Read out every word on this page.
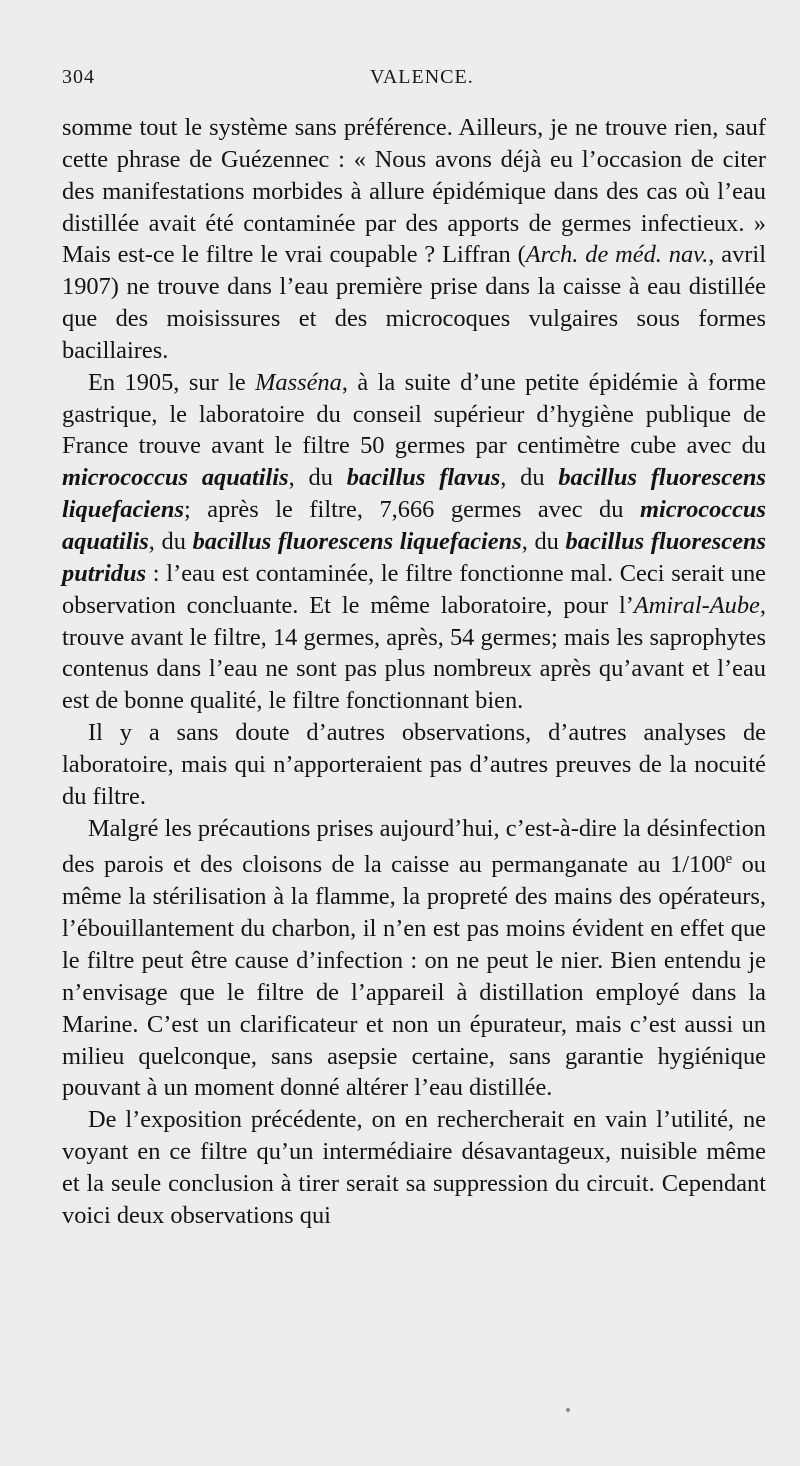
304	VALENCE.

somme tout le système sans préférence. Ailleurs, je ne trouve rien, sauf cette phrase de Guézennec : « Nous avons déjà eu l’occasion de citer des manifestations morbides à allure épidémique dans des cas où l’eau distillée avait été contaminée par des apports de germes infectieux. » Mais est-ce le filtre le vrai coupable ? Liffran (Arch. de méd. nav., avril 1907) ne trouve dans l’eau première prise dans la caisse à eau distillée que des moisissures et des microcoques vulgaires sous formes bacillaires.

En 1905, sur le Masséna, à la suite d’une petite épidémie à forme gastrique, le laboratoire du conseil supérieur d’hygiène publique de France trouve avant le filtre 50 germes par centimètre cube avec du micrococcus aquatilis, du bacillus flavus, du bacillus fluorescens liquefaciens; après le filtre, 7,666 germes avec du micrococcus aquatilis, du bacillus fluorescens liquefaciens, du bacillus fluorescens putridus : l’eau est contaminée, le filtre fonctionne mal. Ceci serait une observation concluante. Et le même laboratoire, pour l’Amiral-Aube, trouve avant le filtre, 14 germes, après, 54 germes; mais les saprophytes contenus dans l’eau ne sont pas plus nombreux après qu’avant et l’eau est de bonne qualité, le filtre fonctionnant bien.

Il y a sans doute d’autres observations, d’autres analyses de laboratoire, mais qui n’apporteraient pas d’autres preuves de la nocuité du filtre.

Malgré les précautions prises aujourd’hui, c’est-à-dire la désinfection des parois et des cloisons de la caisse au permanganate au 1/100e ou même la stérilisation à la flamme, la propreté des mains des opérateurs, l’ébouillantement du charbon, il n’en est pas moins évident en effet que le filtre peut être cause d’infection : on ne peut le nier. Bien entendu je n’envisage que le filtre de l’appareil à distillation employé dans la Marine. C’est un clarificateur et non un épurateur, mais c’est aussi un milieu quelconque, sans asepsie certaine, sans garantie hygiénique pouvant à un moment donné altérer l’eau distillée.

De l’exposition précédente, on en rechercherait en vain l’utilité, ne voyant en ce filtre qu’un intermédiaire désavantageux, nuisible même et la seule conclusion à tirer serait sa suppression du circuit. Cependant voici deux observations qui
